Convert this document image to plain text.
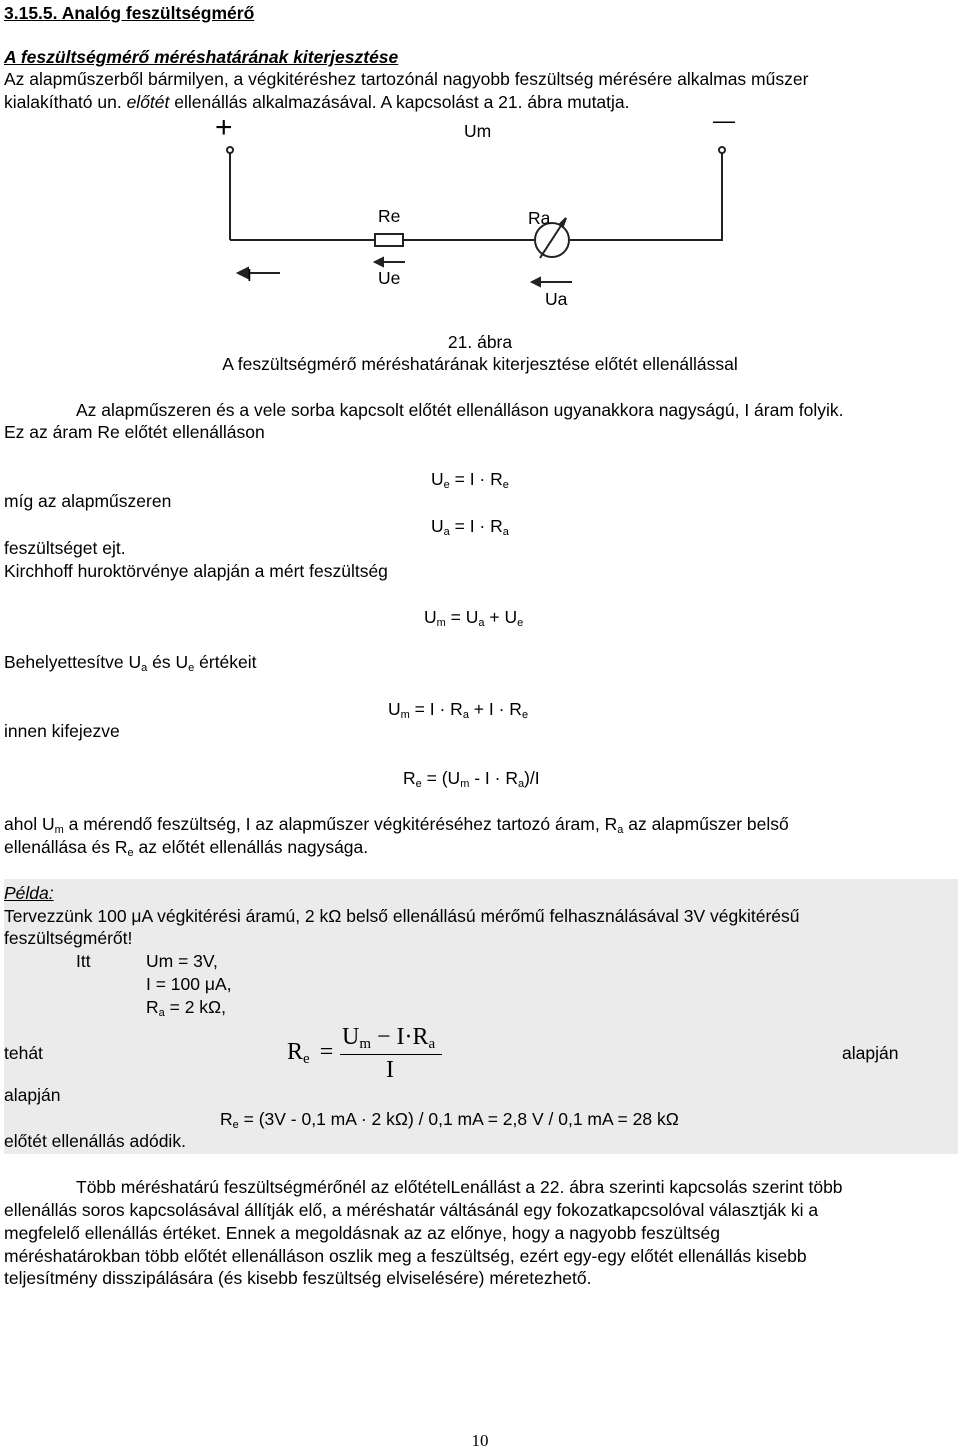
3.15.5. Analóg feszültségmérő
A feszültségmérő méréshatárának kiterjesztése
Az alapműszerből bármilyen, a végkitéréshez tartozónál nagyobb feszültség mérésére alkalmas műszer
kialakítható un. előtét ellenállás alkalmazásával. A kapcsolást a 21. ábra mutatja.
+	—
Um
Re	Ra
I	Ue
Ua
21. ábra
A feszültségmérő méréshatárának kiterjesztése előtét ellenállással
Az alapműszeren és a vele sorba kapcsolt előtét ellenálláson ugyanakkora nagyságú, I áram folyik.
Ez az áram Re előtét ellenálláson
$U_e = I \cdot R_e$
míg az alapműszeren
$U_a = I \cdot R_a$
feszültséget ejt.
Kirchhoff huroktörvénye alapján a mért feszültség
$U_m = U_a + U_e$
Behelyettesítve $U_a$ és $U_e$ értékeit
$U_m = I \cdot R_a + I \cdot R_e$
innen kifejezve
$R_e = (U_m - I \cdot R_a)/I$
ahol $U_m$ a mérendő feszültség, I az alapműszer végkitéréséhez tartozó áram, $R_a$ az alapműszer belső
ellenállása és $R_e$ az előtét ellenállás nagysága.
Példa:
Tervezzünk 100 μA végkitérési áramú, 2 kΩ belső ellenállású mérőmű felhasználásával 3V végkitérésű
feszültségmérőt!
Itt	Um = 3V,
I = 100 μA,
$R_a = 2$ kΩ,
tehát	$R_e$ =
$U_m - I\cdot R_a$
I
alapján
alapján
$R_e = (3V - 0,1$ mA · 2 kΩ) / 0,1 mA = 2,8 V / 0,1 mA = 28 kΩ
előtét ellenállás adódik.
Több méréshatárú feszültségmérőnél az előtételLenállást a 22. ábra szerinti kapcsolás szerint több
ellenállás soros kapcsolásával állítják elő, a méréshatár váltásánál egy fokozatkapcsolóval választják ki a
megfelelő ellenállás értéket. Ennek a megoldásnak az az előnye, hogy a nagyobb feszültség
méréshatárokban több előtét ellenálláson oszlik meg a feszültség, ezért egy-egy előtét ellenállás kisebb
teljesítmény disszipálására (és kisebb feszültség elviselésére) méretezhető.
10
